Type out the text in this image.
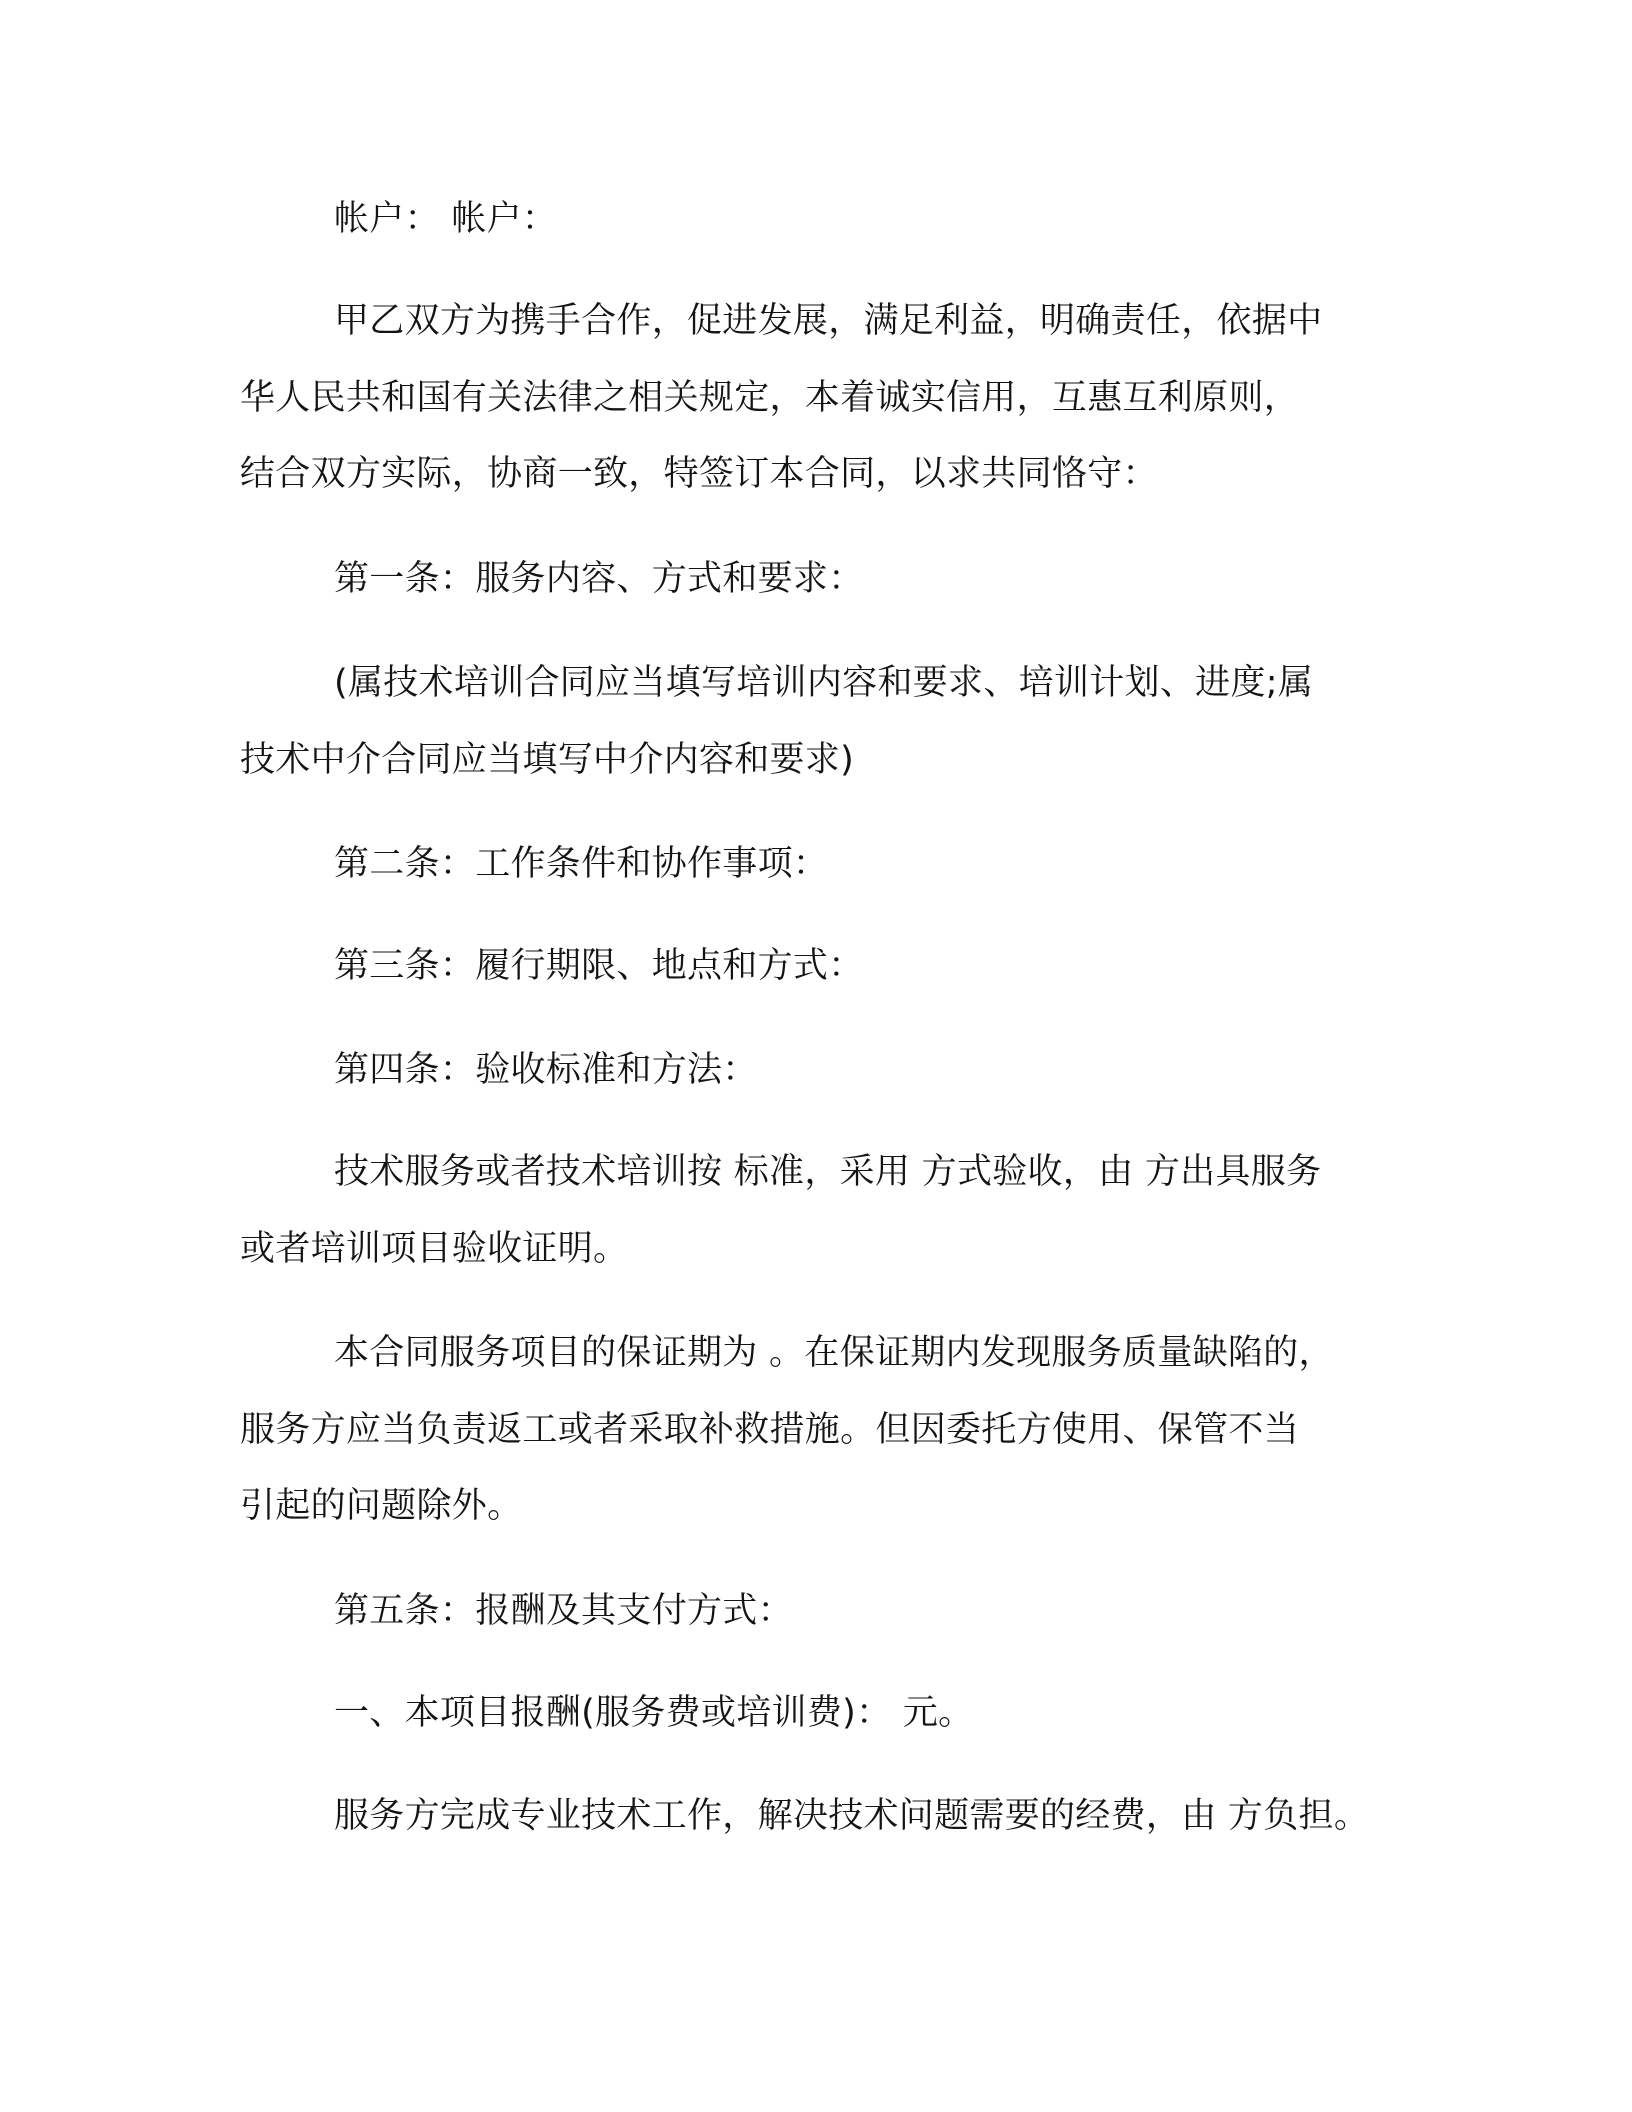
帐户： 帐户：
甲乙双方为携手合作，促进发展，满足利益，明确责任，依据中
华人民共和国有关法律之相关规定，本着诚实信用，互惠互利原则，
结合双方实际，协商一致，特签订本合同，以求共同恪守：
第一条：服务内容、方式和要求：
(属技术培训合同应当填写培训内容和要求、培训计划、进度;属
技术中介合同应当填写中介内容和要求)
第二条：工作条件和协作事项：
第三条：履行期限、地点和方式：
第四条：验收标准和方法：
技术服务或者技术培训按 标准，采用 方式验收，由 方出具服务
或者培训项目验收证明。
本合同服务项目的保证期为 。在保证期内发现服务质量缺陷的，
服务方应当负责返工或者采取补救措施。但因委托方使用、保管不当
引起的问题除外。
第五条：报酬及其支付方式：
一、本项目报酬(服务费或培训费)： 元。
服务方完成专业技术工作，解决技术问题需要的经费，由 方负担。
